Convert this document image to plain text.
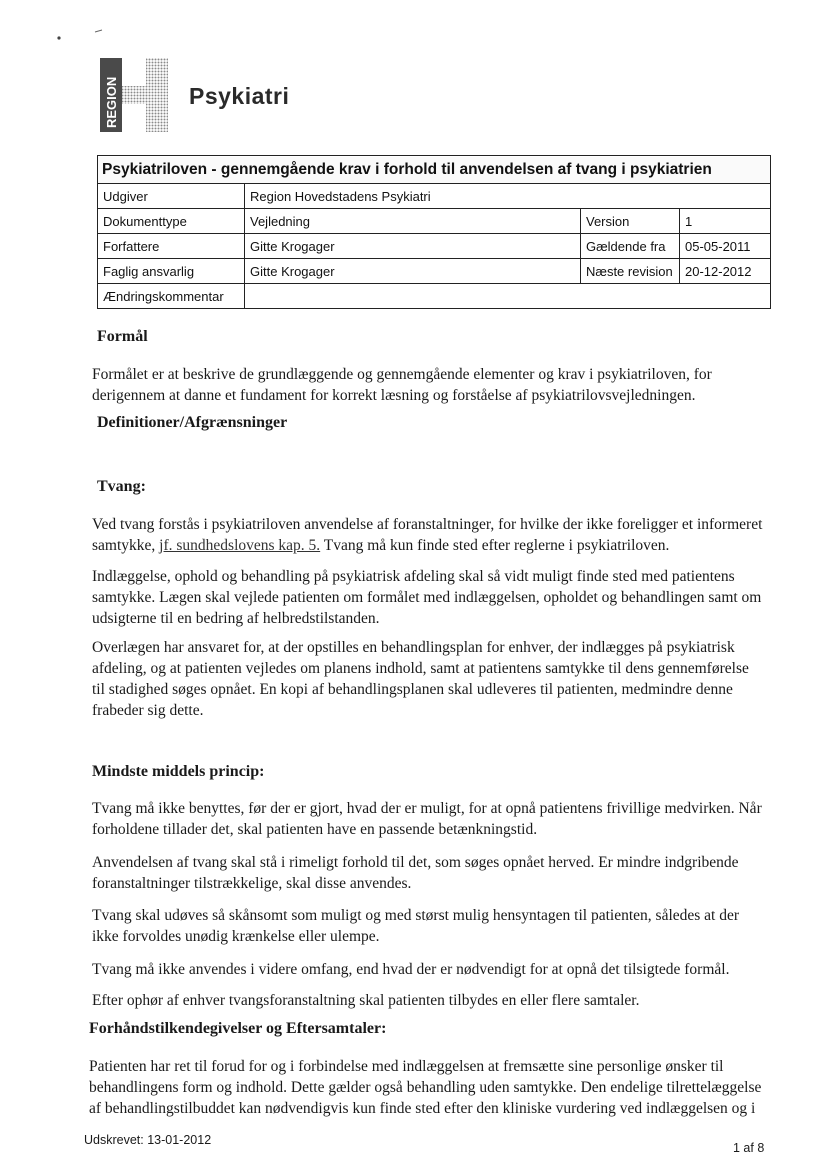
REGION	Psykiatri
Psykiatriloven - gennemgående krav i forhold til anvendelsen af tvang i psykiatrien			
Udgiver	Region Hovedstadens Psykiatri		
Dokumenttype	Vejledning	Version	1
Forfattere	Gitte Krogager	Gældende fra	05-05-2011
Faglig ansvarlig	Gitte Krogager	Næste revision	20-12-2012
Ændringskommentar			
Formål

Formålet er at beskrive de grundlæggende og gennemgående elementer og krav i psykiatriloven, for derigennem at danne et fundament for korrekt læsning og forståelse af psykiatrilovsvejledningen.

Definitioner/Afgrænsninger
Tvang:

Ved tvang forstås i psykiatriloven anvendelse af foranstaltninger, for hvilke der ikke foreligger et informeret samtykke, jf. sundhedslovens kap. 5. Tvang må kun finde sted efter reglerne i psykiatriloven.

Indlæggelse, ophold og behandling på psykiatrisk afdeling skal så vidt muligt finde sted med patientens samtykke. Lægen skal vejlede patienten om formålet med indlæggelsen, opholdet og behandlingen samt om udsigterne til en bedring af helbredstilstanden.

Overlægen har ansvaret for, at der opstilles en behandlingsplan for enhver, der indlægges på psykiatrisk afdeling, og at patienten vejledes om planens indhold, samt at patientens samtykke til dens gennemførelse til stadighed søges opnået. En kopi af behandlingsplanen skal udleveres til patienten, medmindre denne frabeder sig dette.

Mindste middels princip:

Tvang må ikke benyttes, før der er gjort, hvad der er muligt, for at opnå patientens frivillige medvirken. Når forholdene tillader det, skal patienten have en passende betænkningstid.

Anvendelsen af tvang skal stå i rimeligt forhold til det, som søges opnået herved. Er mindre indgribende foranstaltninger tilstrækkelige, skal disse anvendes.

Tvang skal udøves så skånsomt som muligt og med størst mulig hensyntagen til patienten, således at der ikke forvoldes unødig krænkelse eller ulempe.

Tvang må ikke anvendes i videre omfang, end hvad der er nødvendigt for at opnå det tilsigtede formål.

Efter ophør af enhver tvangsforanstaltning skal patienten tilbydes en eller flere samtaler.

Forhåndstilkendegivelser og Eftersamtaler:

Patienten har ret til forud for og i forbindelse med indlæggelsen at fremsætte sine personlige ønsker til behandlingens form og indhold. Dette gælder også behandling uden samtykke. Den endelige tilrettelæggelse af behandlingstilbuddet kan nødvendigvis kun finde sted efter den kliniske vurdering ved indlæggelsen og i

Udskrevet: 13-01-2012
1 af 8
